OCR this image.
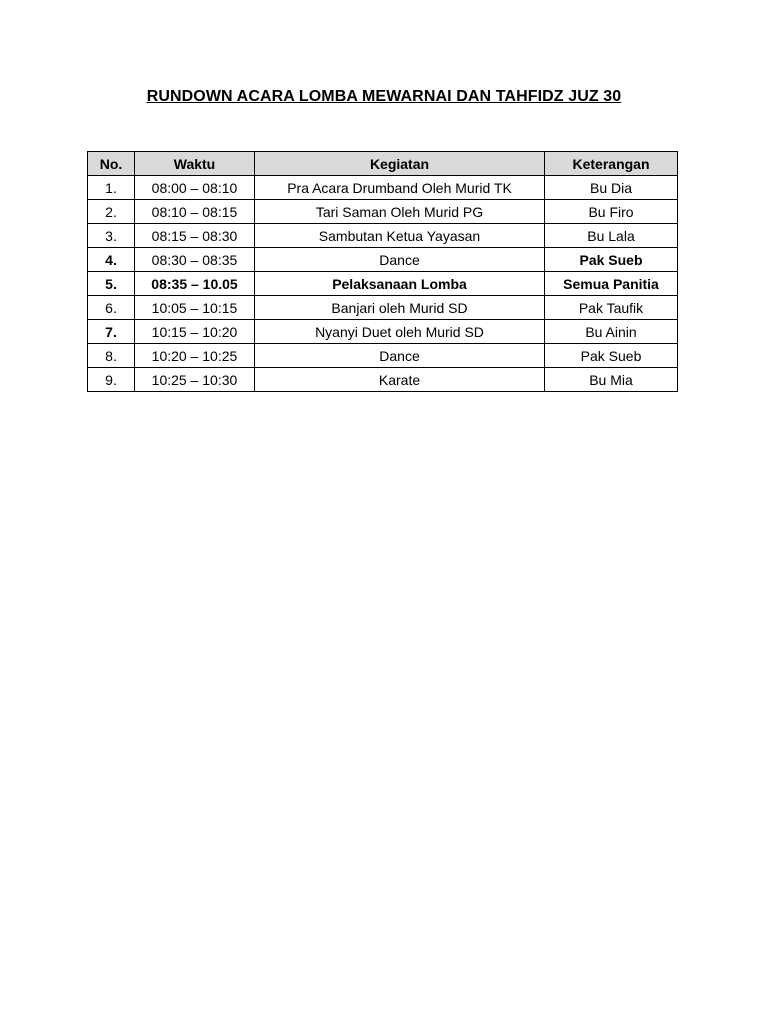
RUNDOWN ACARA LOMBA MEWARNAI DAN TAHFIDZ JUZ 30
No.	Waktu	Kegiatan	Keterangan
1.	08:00 – 08:10	Pra Acara Drumband Oleh Murid TK	Bu Dia
2.	08:10 – 08:15	Tari Saman Oleh Murid PG	Bu Firo
3.	08:15 – 08:30	Sambutan Ketua Yayasan	Bu Lala
4.	08:30 – 08:35	Dance	Pak Sueb
5.	08:35 – 10.05	Pelaksanaan Lomba	Semua Panitia
6.	10:05 – 10:15	Banjari oleh Murid SD	Pak Taufik
7.	10:15 – 10:20	Nyanyi Duet oleh Murid SD	Bu Ainin
8.	10:20 – 10:25	Dance	Pak Sueb
9.	10:25 – 10:30	Karate	Bu Mia
